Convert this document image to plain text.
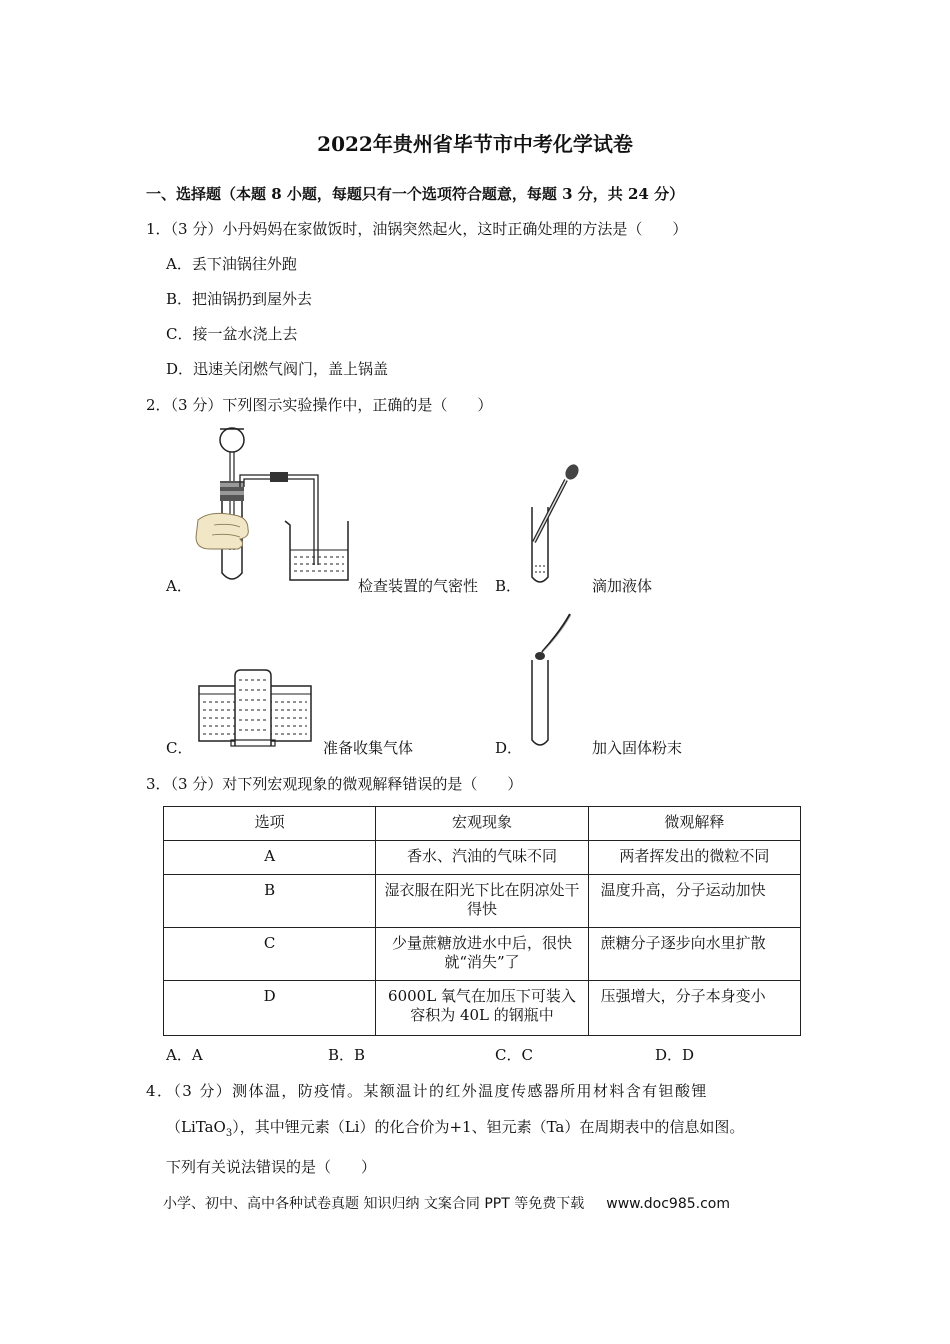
2022年贵州省毕节市中考化学试卷
一、选择题（本题 8 小题，每题只有一个选项符合题意，每题 3 分，共 24 分）
1．（3 分）小丹妈妈在家做饭时，油锅突然起火，这时正确处理的方法是（　　）
A．丢下油锅往外跑
B．把油锅扔到屋外去
C．接一盆水浇上去
D．迅速关闭燃气阀门，盖上锅盖
2．（3 分）下列图示实验操作中，正确的是（　　）
A．	检查装置的气密性 B．	滴加液体
C．	准备收集气体	D．	加入固体粉末
3．（3 分）对下列宏观现象的微观解释错误的是（　　）
选项	宏观现象	微观解释
A	香水、汽油的气味不同	两者挥发出的微粒不同
B	湿衣服在阳光下比在阴凉处干得快	温度升高，分子运动加快
C	少量蔗糖放进水中后，很快就“消失”了	蔗糖分子逐步向水里扩散
D	6000L 氧气在加压下可装入容积为 40L 的钢瓶中	压强增大，分子本身变小
A．A	B．B	C．C	D．D
4．（3 分）测体温，防疫情。某额温计的红外温度传感器所用材料含有钽酸锂
（LiTaO$_3$），其中锂元素（Li）的化合价为+1、钽元素（Ta）在周期表中的信息如图。
下列有关说法错误的是（　　）
小学、初中、高中各种试卷真题 知识归纳 文案合同 PPT 等免费下载 www.doc985.com
